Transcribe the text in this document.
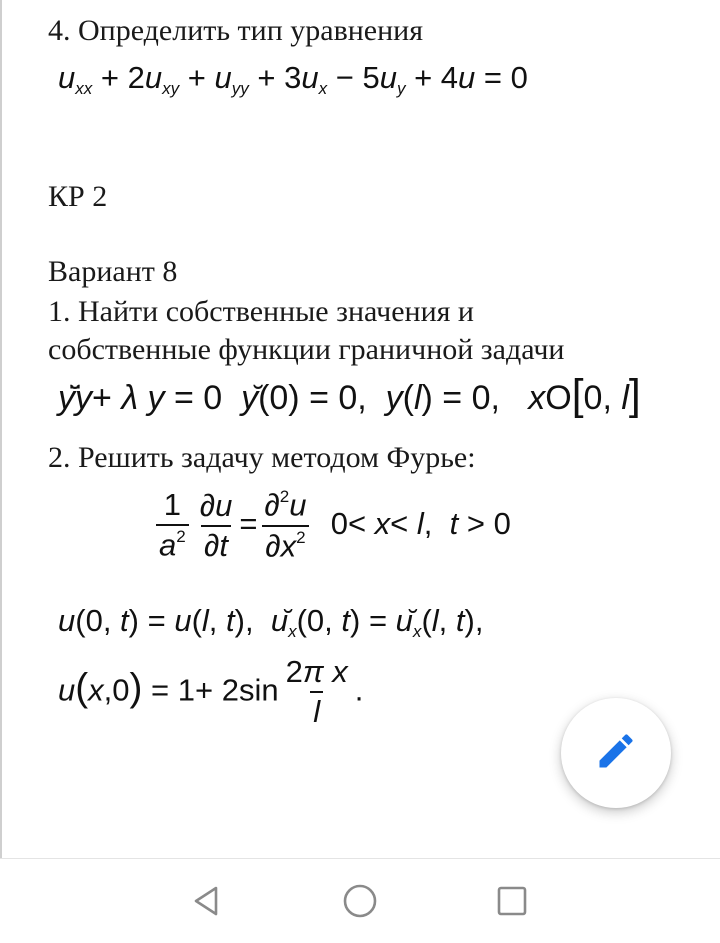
4. Определить тип уравнения
$u_{xx} + 2u_{xy} + u_{yy} + 3u_x - 5u_y + 4u = 0$
КР 2
Вариант 8
1. Найти собственные значения и
собственные функции граничной задачи
yy+ λ y = 0  y̆(0) = 0,  y(l) = 0,   xO[0, l]
2. Решить задачу методом Фурье:
$\frac{1}{a^2} \frac{\partial u}{\partial t} = \frac{\partial^2u}{\partial x^2} 0< x< l$,  t > 0
u(0, t) = u(l, t),  $u_x(0$, $t) = u_x(l$, t),
$u(x,0) = 1+ 2\sin \frac{\text{2π x}}{l}$ .
